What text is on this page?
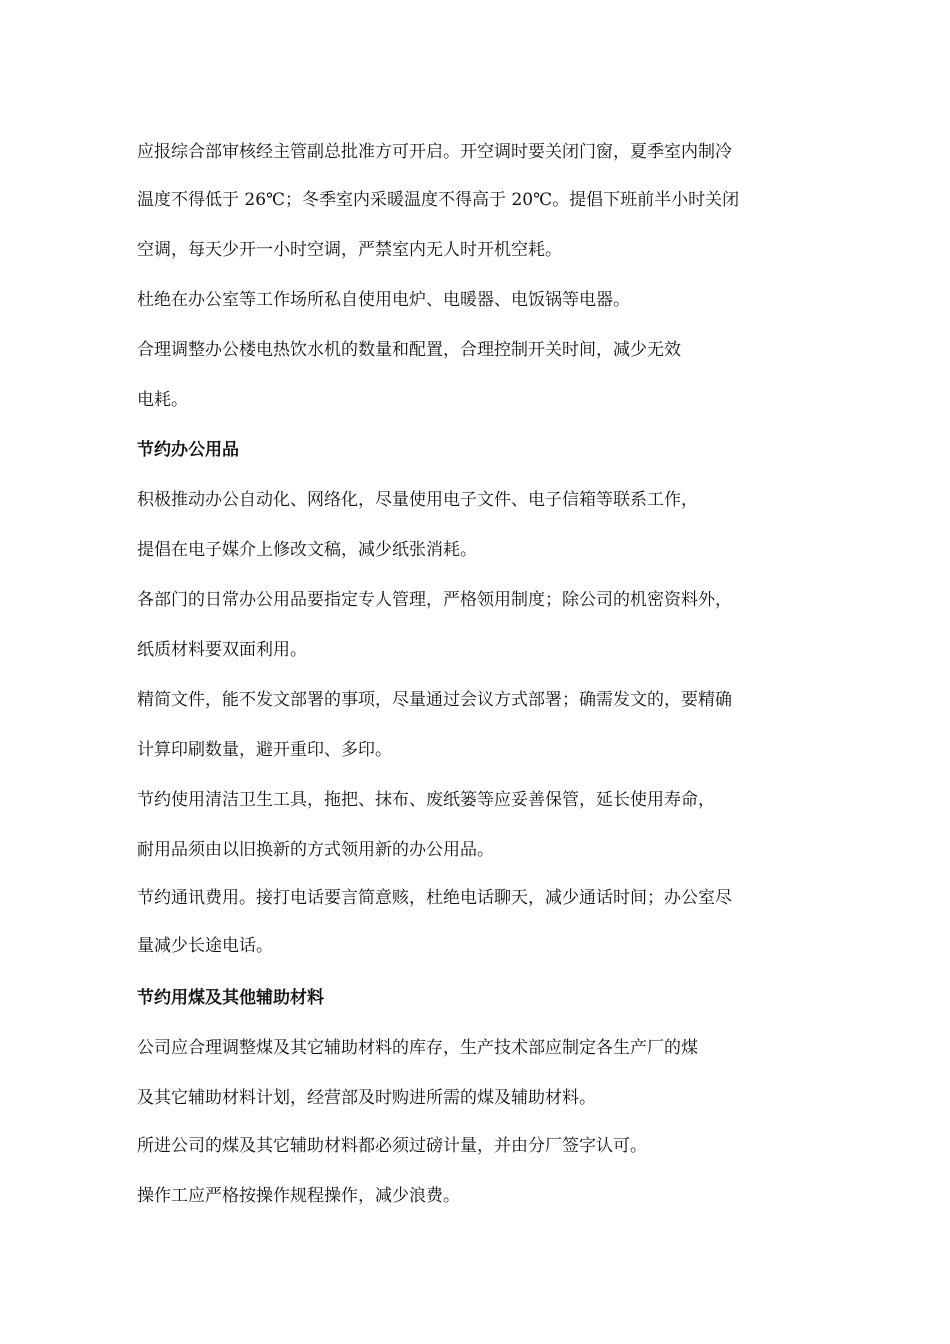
应报综合部审核经主管副总批准方可开启。开空调时要关闭门窗，夏季室内制冷
温度不得低于 26℃；冬季室内采暖温度不得高于 20℃。提倡下班前半小时关闭
空调，每天少开一小时空调，严禁室内无人时开机空耗。
杜绝在办公室等工作场所私自使用电炉、电暖器、电饭锅等电器。
合理调整办公楼电热饮水机的数量和配置，合理控制开关时间，减少无效
电耗。
节约办公用品
积极推动办公自动化、网络化，尽量使用电子文件、电子信箱等联系工作，
提倡在电子媒介上修改文稿，减少纸张消耗。
各部门的日常办公用品要指定专人管理，严格领用制度；除公司的机密资料外，
纸质材料要双面利用。
精简文件，能不发文部署的事项，尽量通过会议方式部署；确需发文的，要精确
计算印刷数量，避开重印、多印。
节约使用清洁卫生工具，拖把、抹布、废纸篓等应妥善保管，延长使用寿命，
耐用品须由以旧换新的方式领用新的办公用品。
节约通讯费用。接打电话要言简意赅，杜绝电话聊天，减少通话时间；办公室尽
量减少长途电话。
节约用煤及其他辅助材料
公司应合理调整煤及其它辅助材料的库存，生产技术部应制定各生产厂的煤
及其它辅助材料计划，经营部及时购进所需的煤及辅助材料。
所进公司的煤及其它辅助材料都必须过磅计量，并由分厂签字认可。
操作工应严格按操作规程操作，减少浪费。
